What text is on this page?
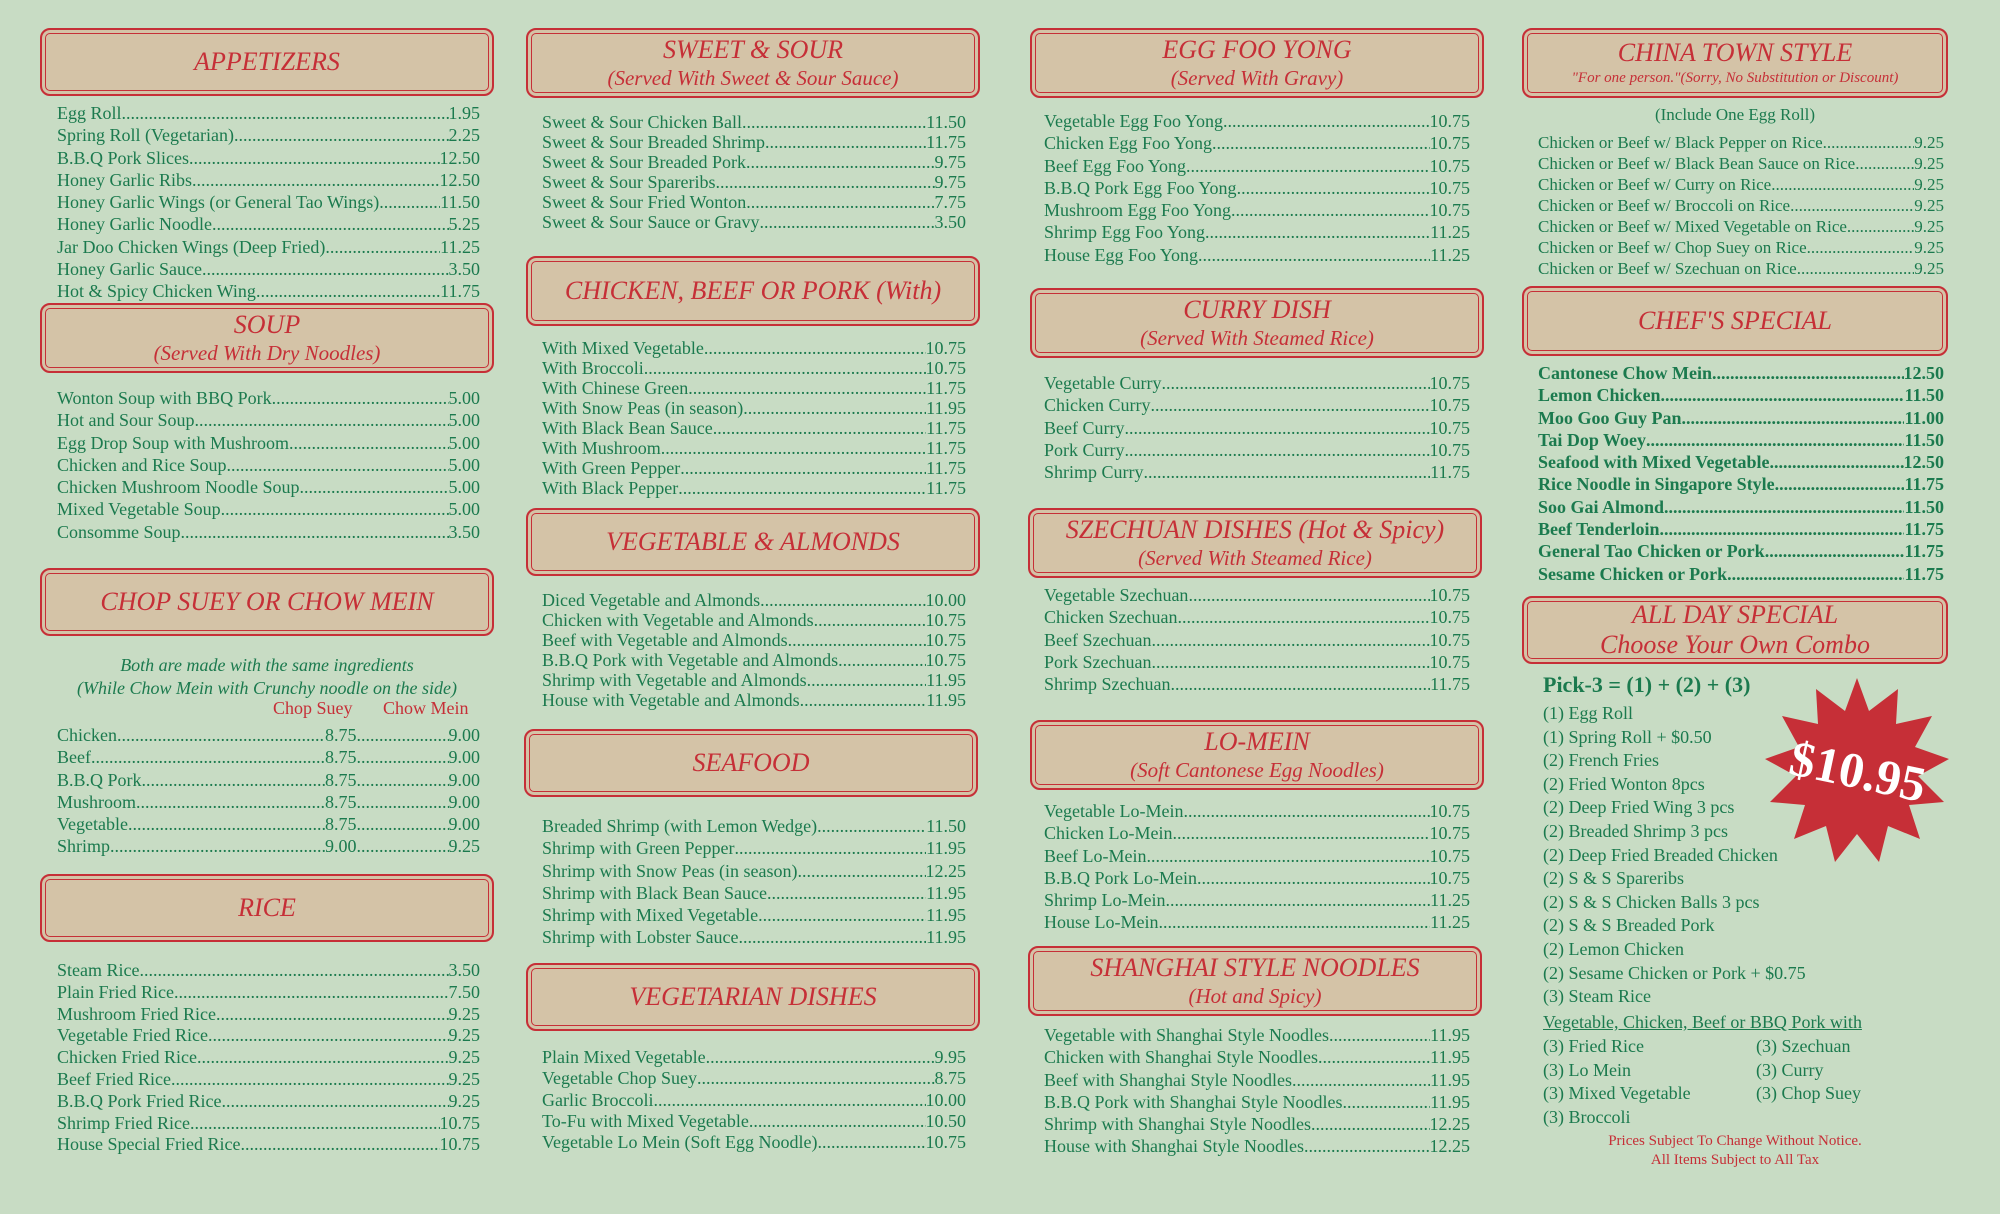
APPETIZERS
Egg Roll .....	1.95
Spring Roll (Vegetarian) .....	2.25
B.B.Q Pork Slices .....	12.50
Honey Garlic Ribs .....	12.50
Honey Garlic Wings (or General Tao Wings) .....	11.50
Honey Garlic Noodle .....	5.25
Jar Doo Chicken Wings (Deep Fried) .....	11.25
Honey Garlic Sauce .....	3.50
Hot & Spicy Chicken Wing .....	11.75
SOUP
(Served With Dry Noodles)
Wonton Soup with BBQ Pork .....	5.00
Hot and Sour Soup .....	5.00
Egg Drop Soup with Mushroom .....	5.00
Chicken and Rice Soup .....	5.00
Chicken Mushroom Noodle Soup .....	5.00
Mixed Vegetable Soup .....	5.00
Consomme Soup .....	3.50
CHOP SUEY OR CHOW MEIN
Both are made with the same ingredients
(While Chow Mein with Crunchy noodle on the side)
Chop Suey Chow Mein
Chicken .....	8.75 .....	9.00
Beef .....	8.75 .....	9.00
B.B.Q Pork .....	8.75 .....	9.00
Mushroom .....	8.75 .....	9.00
Vegetable .....	8.75 .....	9.00
Shrimp .....	9.00 .....	9.25
RICE
Steam Rice .....	3.50
Plain Fried Rice .....	7.50
Mushroom Fried Rice .....	9.25
Vegetable Fried Rice .....	9.25
Chicken Fried Rice .....	9.25
Beef Fried Rice .....	9.25
B.B.Q Pork Fried Rice .....	9.25
Shrimp Fried Rice .....	10.75
House Special Fried Rice .....	10.75
SWEET & SOUR
(Served With Sweet & Sour Sauce)
Sweet & Sour Chicken Ball .....	11.50
Sweet & Sour Breaded Shrimp .....	11.75
Sweet & Sour Breaded Pork .....	9.75
Sweet & Sour Spareribs .....	9.75
Sweet & Sour Fried Wonton .....	7.75
Sweet & Sour Sauce or Gravy .....	3.50
CHICKEN, BEEF OR PORK (With)
With Mixed Vegetable .....	10.75
With Broccoli .....	10.75
With Chinese Green .....	11.75
With Snow Peas (in season) .....	11.95
With Black Bean Sauce .....	11.75
With Mushroom .....	11.75
With Green Pepper .....	11.75
With Black Pepper .....	11.75
VEGETABLE & ALMONDS
Diced Vegetable and Almonds .....	10.00
Chicken with Vegetable and Almonds .....	10.75
Beef with Vegetable and Almonds .....	10.75
B.B.Q Pork with Vegetable and Almonds .....	10.75
Shrimp with Vegetable and Almonds .....	11.95
House with Vegetable and Almonds .....	11.95
SEAFOOD
Breaded Shrimp (with Lemon Wedge) .....	11.50
Shrimp with Green Pepper .....	11.95
Shrimp with Snow Peas (in season) .....	12.25
Shrimp with Black Bean Sauce .....	11.95
Shrimp with Mixed Vegetable .....	11.95
Shrimp with Lobster Sauce .....	11.95
VEGETARIAN DISHES
Plain Mixed Vegetable .....	9.95
Vegetable Chop Suey .....	8.75
Garlic Broccoli .....	10.00
To-Fu with Mixed Vegetable .....	10.50
Vegetable Lo Mein (Soft Egg Noodle) .....	10.75
EGG FOO YONG
(Served With Gravy)
Vegetable Egg Foo Yong .....	10.75
Chicken Egg Foo Yong .....	10.75
Beef Egg Foo Yong .....	10.75
B.B.Q Pork Egg Foo Yong .....	10.75
Mushroom Egg Foo Yong .....	10.75
Shrimp Egg Foo Yong .....	11.25
House Egg Foo Yong .....	11.25
CURRY DISH
(Served With Steamed Rice)
Vegetable Curry .....	10.75
Chicken Curry .....	10.75
Beef Curry .....	10.75
Pork Curry .....	10.75
Shrimp Curry .....	11.75
SZECHUAN DISHES (Hot & Spicy)
(Served With Steamed Rice)
Vegetable Szechuan .....	10.75
Chicken Szechuan .....	10.75
Beef Szechuan .....	10.75
Pork Szechuan .....	10.75
Shrimp Szechuan .....	11.75
LO-MEIN
(Soft Cantonese Egg Noodles)
Vegetable Lo-Mein .....	10.75
Chicken Lo-Mein .....	10.75
Beef Lo-Mein .....	10.75
B.B.Q Pork Lo-Mein .....	10.75
Shrimp Lo-Mein .....	11.25
House Lo-Mein .....	11.25
SHANGHAI STYLE NOODLES
(Hot and Spicy)
Vegetable with Shanghai Style Noodles .....	11.95
Chicken with Shanghai Style Noodles .....	11.95
Beef with Shanghai Style Noodles .....	11.95
B.B.Q Pork with Shanghai Style Noodles .....	11.95
Shrimp with Shanghai Style Noodles .....	12.25
House with Shanghai Style Noodles .....	12.25
CHINA TOWN STYLE
"For one person."(Sorry, No Substitution or Discount)
(Include One Egg Roll)
Chicken or Beef w/ Black Pepper on Rice .....	9.25
Chicken or Beef w/ Black Bean Sauce on Rice .....	9.25
Chicken or Beef w/ Curry on Rice .....	9.25
Chicken or Beef w/ Broccoli on Rice .....	9.25
Chicken or Beef w/ Mixed Vegetable on Rice .....	9.25
Chicken or Beef w/ Chop Suey on Rice .....	9.25
Chicken or Beef w/ Szechuan on Rice .....	9.25
CHEF'S SPECIAL
Cantonese Chow Mein .....	12.50
Lemon Chicken .....	11.50
Moo Goo Guy Pan .....	11.00
Tai Dop Woey .....	11.50
Seafood with Mixed Vegetable .....	12.50
Rice Noodle in Singapore Style .....	11.75
Soo Gai Almond .....	11.50
Beef Tenderloin .....	11.75
General Tao Chicken or Pork .....	11.75
Sesame Chicken or Pork .....	11.75
ALL DAY SPECIAL
Choose Your Own Combo
Pick-3 = (1) + (2) + (3)
(1) Egg Roll
(1) Spring Roll + $0.50
(2) French Fries
(2) Fried Wonton 8pcs
(2) Deep Fried Wing 3 pcs
(2) Breaded Shrimp 3 pcs
(2) Deep Fried Breaded Chicken
(2) S & S Spareribs
(2) S & S Chicken Balls 3 pcs
(2) S & S Breaded Pork
(2) Lemon Chicken
(2) Sesame Chicken or Pork + $0.75
(3) Steam Rice
Vegetable, Chicken, Beef or BBQ Pork with
(3) Fried Rice
(3) Lo Mein
(3) Mixed Vegetable
(3) Broccoli
(3) Szechuan
(3) Curry
(3) Chop Suey
Prices Subject To Change Without Notice.
All Items Subject to All Tax
$10.95
